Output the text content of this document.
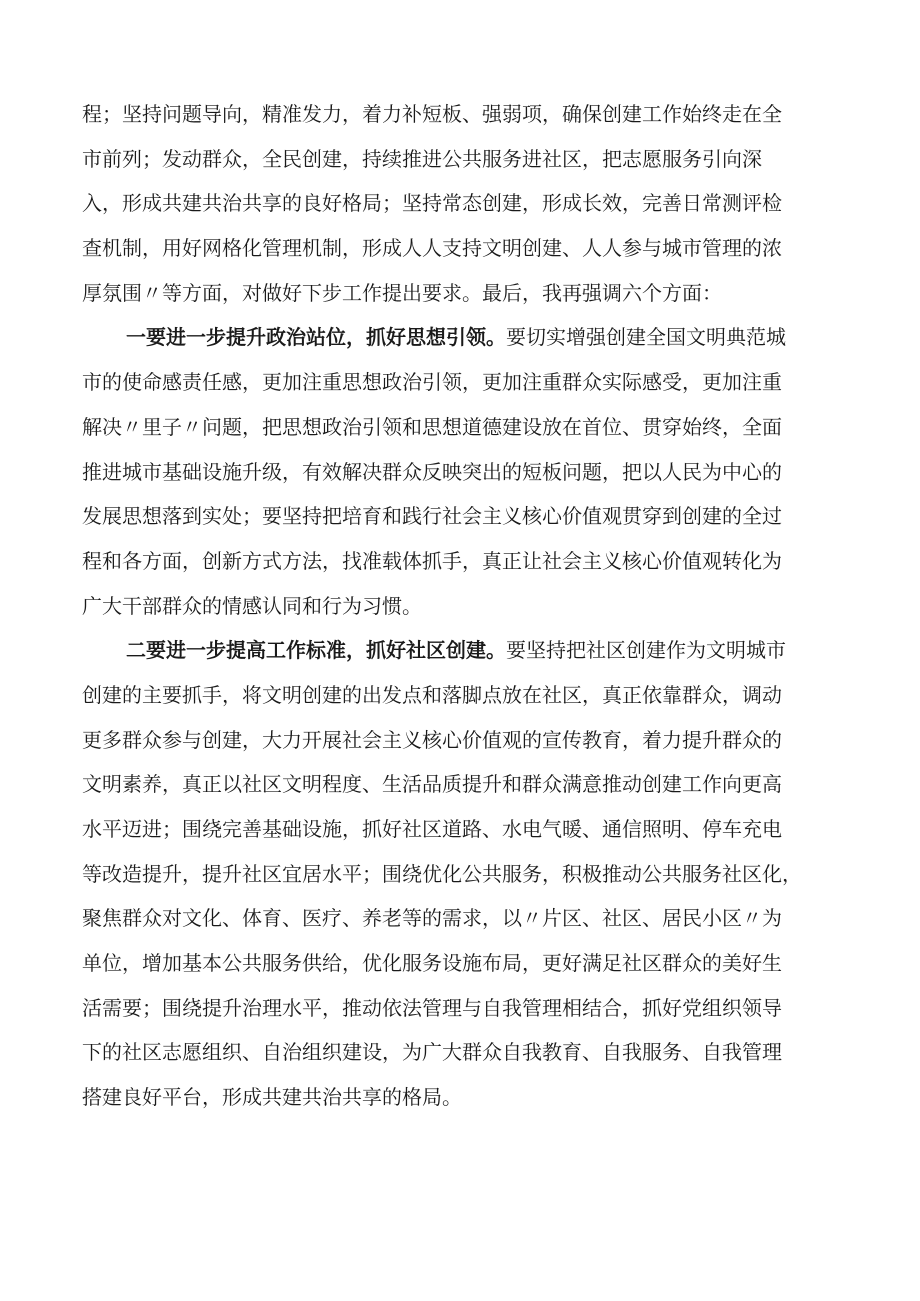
程；坚持问题导向，精准发力，着力补短板、强弱项，确保创建工作始终走在全
市前列；发动群众，全民创建，持续推进公共服务进社区，把志愿服务引向深
入，形成共建共治共享的良好格局；坚持常态创建，形成长效，完善日常测评检
查机制，用好网格化管理机制，形成人人支持文明创建、人人参与城市管理的浓
厚氛围〃等方面，对做好下步工作提出要求。最后，我再强调六个方面：
一要进一步提升政治站位，抓好思想引领。要切实增强创建全国文明典范城
市的使命感责任感，更加注重思想政治引领，更加注重群众实际感受，更加注重
解决〃里子〃问题，把思想政治引领和思想道德建设放在首位、贯穿始终，全面
推进城市基础设施升级，有效解决群众反映突出的短板问题，把以人民为中心的
发展思想落到实处；要坚持把培育和践行社会主义核心价值观贯穿到创建的全过
程和各方面，创新方式方法，找准载体抓手，真正让社会主义核心价值观转化为
广大干部群众的情感认同和行为习惯。
二要进一步提高工作标准，抓好社区创建。要坚持把社区创建作为文明城市
创建的主要抓手，将文明创建的出发点和落脚点放在社区，真正依靠群众，调动
更多群众参与创建，大力开展社会主义核心价值观的宣传教育，着力提升群众的
文明素养，真正以社区文明程度、生活品质提升和群众满意推动创建工作向更高
水平迈进；围绕完善基础设施，抓好社区道路、水电气暖、通信照明、停车充电
等改造提升，提升社区宜居水平；围绕优化公共服务，积极推动公共服务社区化，
聚焦群众对文化、体育、医疗、养老等的需求，以〃片区、社区、居民小区〃为
单位，增加基本公共服务供给，优化服务设施布局，更好满足社区群众的美好生
活需要；围绕提升治理水平，推动依法管理与自我管理相结合，抓好党组织领导
下的社区志愿组织、自治组织建设，为广大群众自我教育、自我服务、自我管理
搭建良好平台，形成共建共治共享的格局。
